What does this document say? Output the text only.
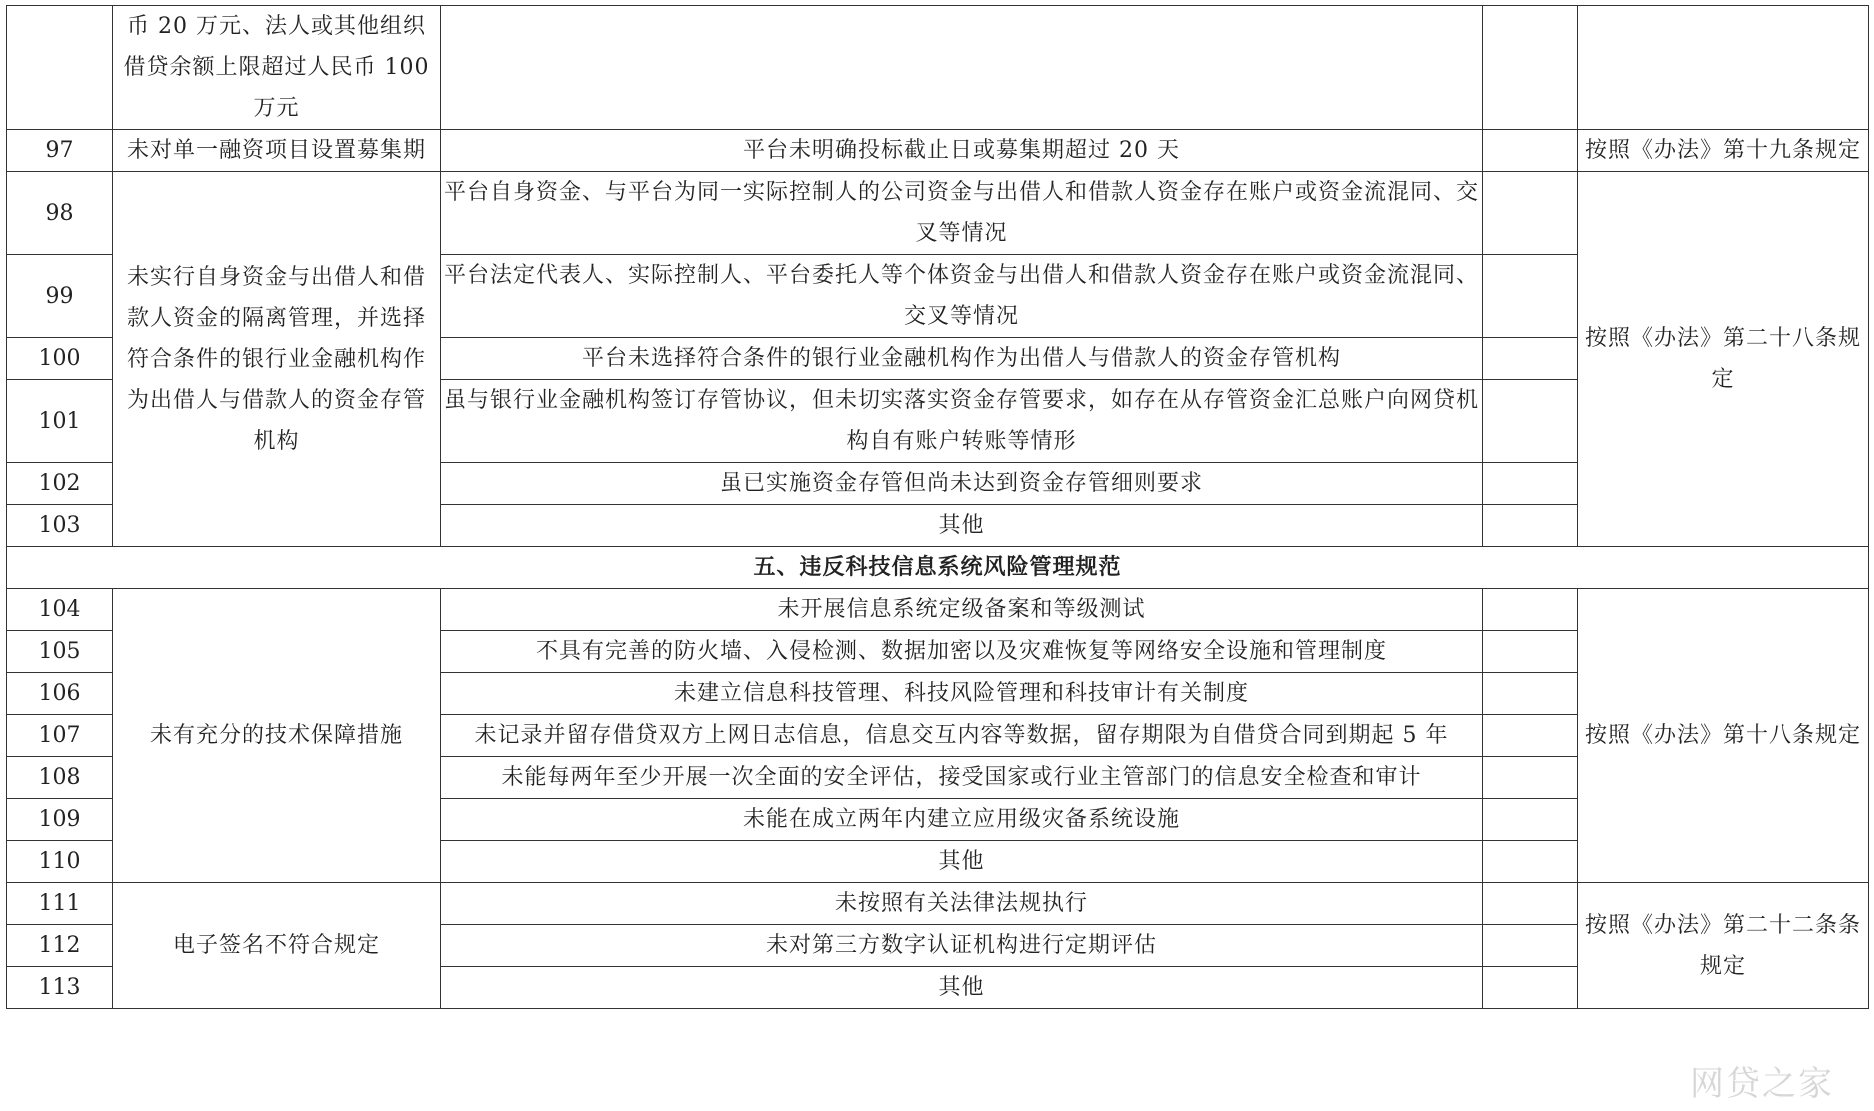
	币 20 万元、法人或其他组织借贷余额上限超过人民币 100 万元			
97	未对单一融资项目设置募集期	平台未明确投标截止日或募集期超过 20 天		按照《办法》第十九条规定
98	未实行自身资金与出借人和借款人资金的隔离管理，并选择符合条件的银行业金融机构作为出借人与借款人的资金存管机构	平台自身资金、与平台为同一实际控制人的公司资金与出借人和借款人资金存在账户或资金流混同、交叉等情况		按照《办法》第二十八条规定
99		平台法定代表人、实际控制人、平台委托人等个体资金与出借人和借款人资金存在账户或资金流混同、交叉等情况		
100		平台未选择符合条件的银行业金融机构作为出借人与借款人的资金存管机构		
101		虽与银行业金融机构签订存管协议，但未切实落实资金存管要求，如存在从存管资金汇总账户向网贷机构自有账户转账等情形		
102		虽已实施资金存管但尚未达到资金存管细则要求		
103		其他		
五、违反科技信息系统风险管理规范				
104	未有充分的技术保障措施	未开展信息系统定级备案和等级测试		按照《办法》第十八条规定
105		不具有完善的防火墙、入侵检测、数据加密以及灾难恢复等网络安全设施和管理制度		
106		未建立信息科技管理、科技风险管理和科技审计有关制度		
107		未记录并留存借贷双方上网日志信息，信息交互内容等数据，留存期限为自借贷合同到期起 5 年		
108		未能每两年至少开展一次全面的安全评估，接受国家或行业主管部门的信息安全检查和审计		
109		未能在成立两年内建立应用级灾备系统设施		
110		其他		
111	电子签名不符合规定	未按照有关法律法规执行		按照《办法》第二十二条条规定
112		未对第三方数字认证机构进行定期评估		
113		其他		
网贷之家
